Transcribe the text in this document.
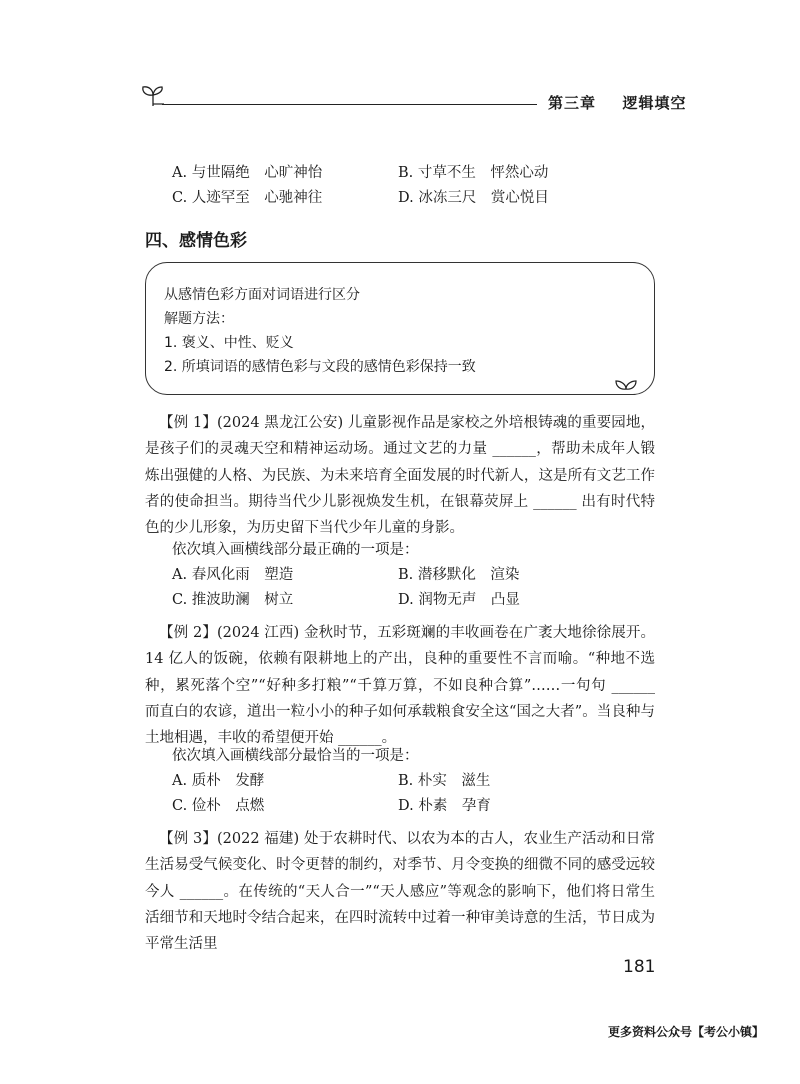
第三章 逻辑填空
A. 与世隔绝　心旷神怡	B. 寸草不生　怦然心动
C. 人迹罕至　心驰神往	D. 冰冻三尺　赏心悦目
四、感情色彩
从感情色彩方面对词语进行区分
解题方法：
1. 褒义、中性、贬义
2. 所填词语的感情色彩与文段的感情色彩保持一致

【例 1】(2024 黑龙江公安) 儿童影视作品是家校之外培根铸魂的重要园地，是孩子们的灵魂天空和精神运动场。通过文艺的力量 ______，帮助未成年人锻炼出强健的人格、为民族、为未来培育全面发展的时代新人，这是所有文艺工作者的使命担当。期待当代少儿影视焕发生机，在银幕荧屏上 ______ 出有时代特色的少儿形象，为历史留下当代少年儿童的身影。

依次填入画横线部分最正确的一项是：
A. 春风化雨　塑造	B. 潜移默化　渲染
C. 推波助澜　树立	D. 润物无声　凸显

【例 2】(2024 江西) 金秋时节，五彩斑斓的丰收画卷在广袤大地徐徐展开。14 亿人的饭碗，依赖有限耕地上的产出，良种的重要性不言而喻。“种地不选种，累死落个空”“好种多打粮”“千算万算，不如良种合算”……一句句 ______ 而直白的农谚，道出一粒小小的种子如何承载粮食安全这“国之大者”。当良种与土地相遇，丰收的希望便开始 ______。

依次填入画横线部分最恰当的一项是：
A. 质朴　发酵	B. 朴实　滋生
C. 俭朴　点燃	D. 朴素　孕育

【例 3】(2022 福建) 处于农耕时代、以农为本的古人，农业生产活动和日常生活易受气候变化、时令更替的制约，对季节、月令变换的细微不同的感受远较今人 ______。在传统的“天人合一”“天人感应”等观念的影响下，他们将日常生活细节和天地时令结合起来，在四时流转中过着一种审美诗意的生活，节日成为平常生活里

181
更多资料公众号【考公小镇】
